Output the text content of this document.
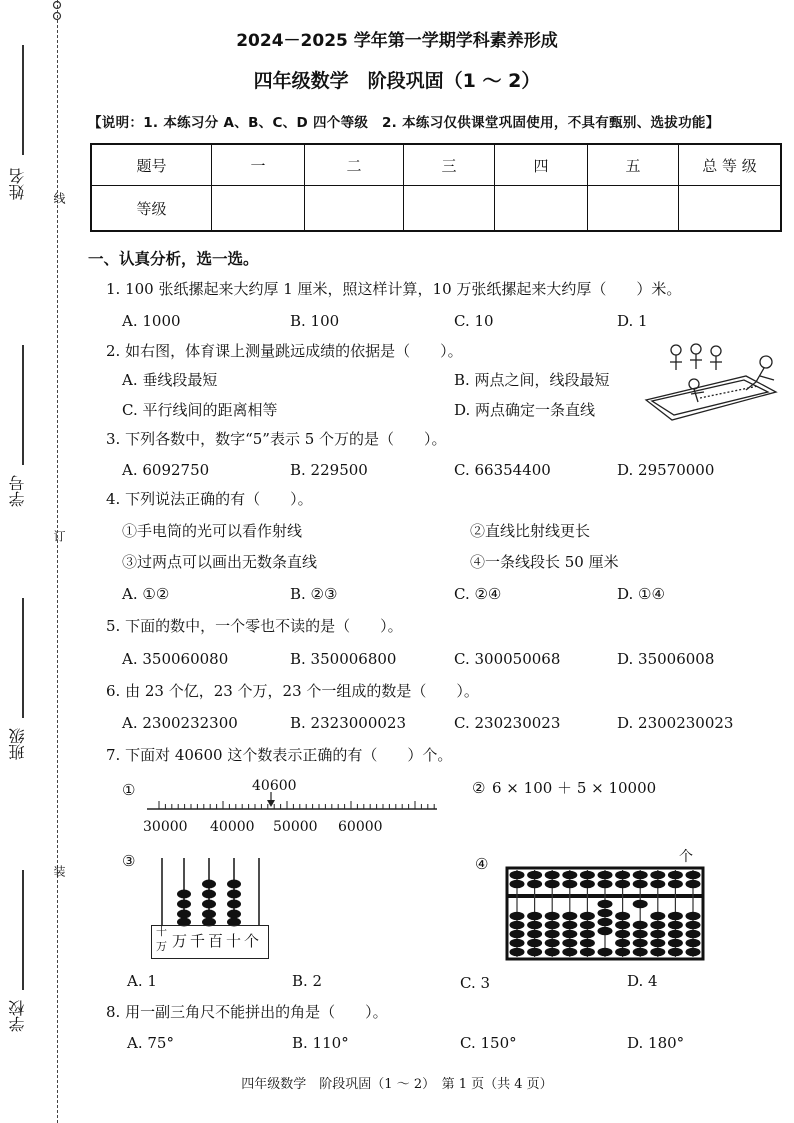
线
订
装
姓名
学号
班级
学校
2024－2025 学年第一学期学科素养形成
四年级数学　阶段巩固（1 ～ 2）
【说明：1. 本练习分 A、B、C、D 四个等级　2. 本练习仅供课堂巩固使用，不具有甄别、选拔功能】
题号	一	二	三	四	五	总 等 级
等级						
一、认真分析，选一选。
1. 100 张纸摞起来大约厚 1 厘米，照这样计算，10 万张纸摞起来大约厚（　　）米。
A. 1000	B. 100	C. 10	D. 1
2. 如右图，体育课上测量跳远成绩的依据是（　　）。
A. 垂线段最短	B. 两点之间，线段最短
C. 平行线间的距离相等	D. 两点确定一条直线
3. 下列各数中，数字“5”表示 5 个万的是（　　）。
A. 6092750	B. 229500	C. 66354400	D. 29570000
4. 下列说法正确的有（　　）。
①手电筒的光可以看作射线	②直线比射线更长
③过两点可以画出无数条直线	④一条线段长 50 厘米
A. ①②	B. ②③	C. ②④	D. ①④
5. 下面的数中，一个零也不读的是（　　）。
A. 350060080	B. 350006800	C. 300050068	D. 35006008
6. 由 23 个亿，23 个万，23 个一组成的数是（　　）。
A. 2300232300	B. 2323000023	C. 230230023	D. 2300230023
7. 下面对 40600 这个数表示正确的有（　　）个。
①	② 6 × 100 ＋ 5 × 10000
③	④
40600
30000 40000 50000 60000
十
万 万千百十个
个
A. 1	B. 2	C. 3	D. 4
8. 用一副三角尺不能拼出的角是（　　）。
A. 75°	B. 110°	C. 150°	D. 180°
四年级数学　阶段巩固（1 ～ 2）　第 1 页（共 4 页）
